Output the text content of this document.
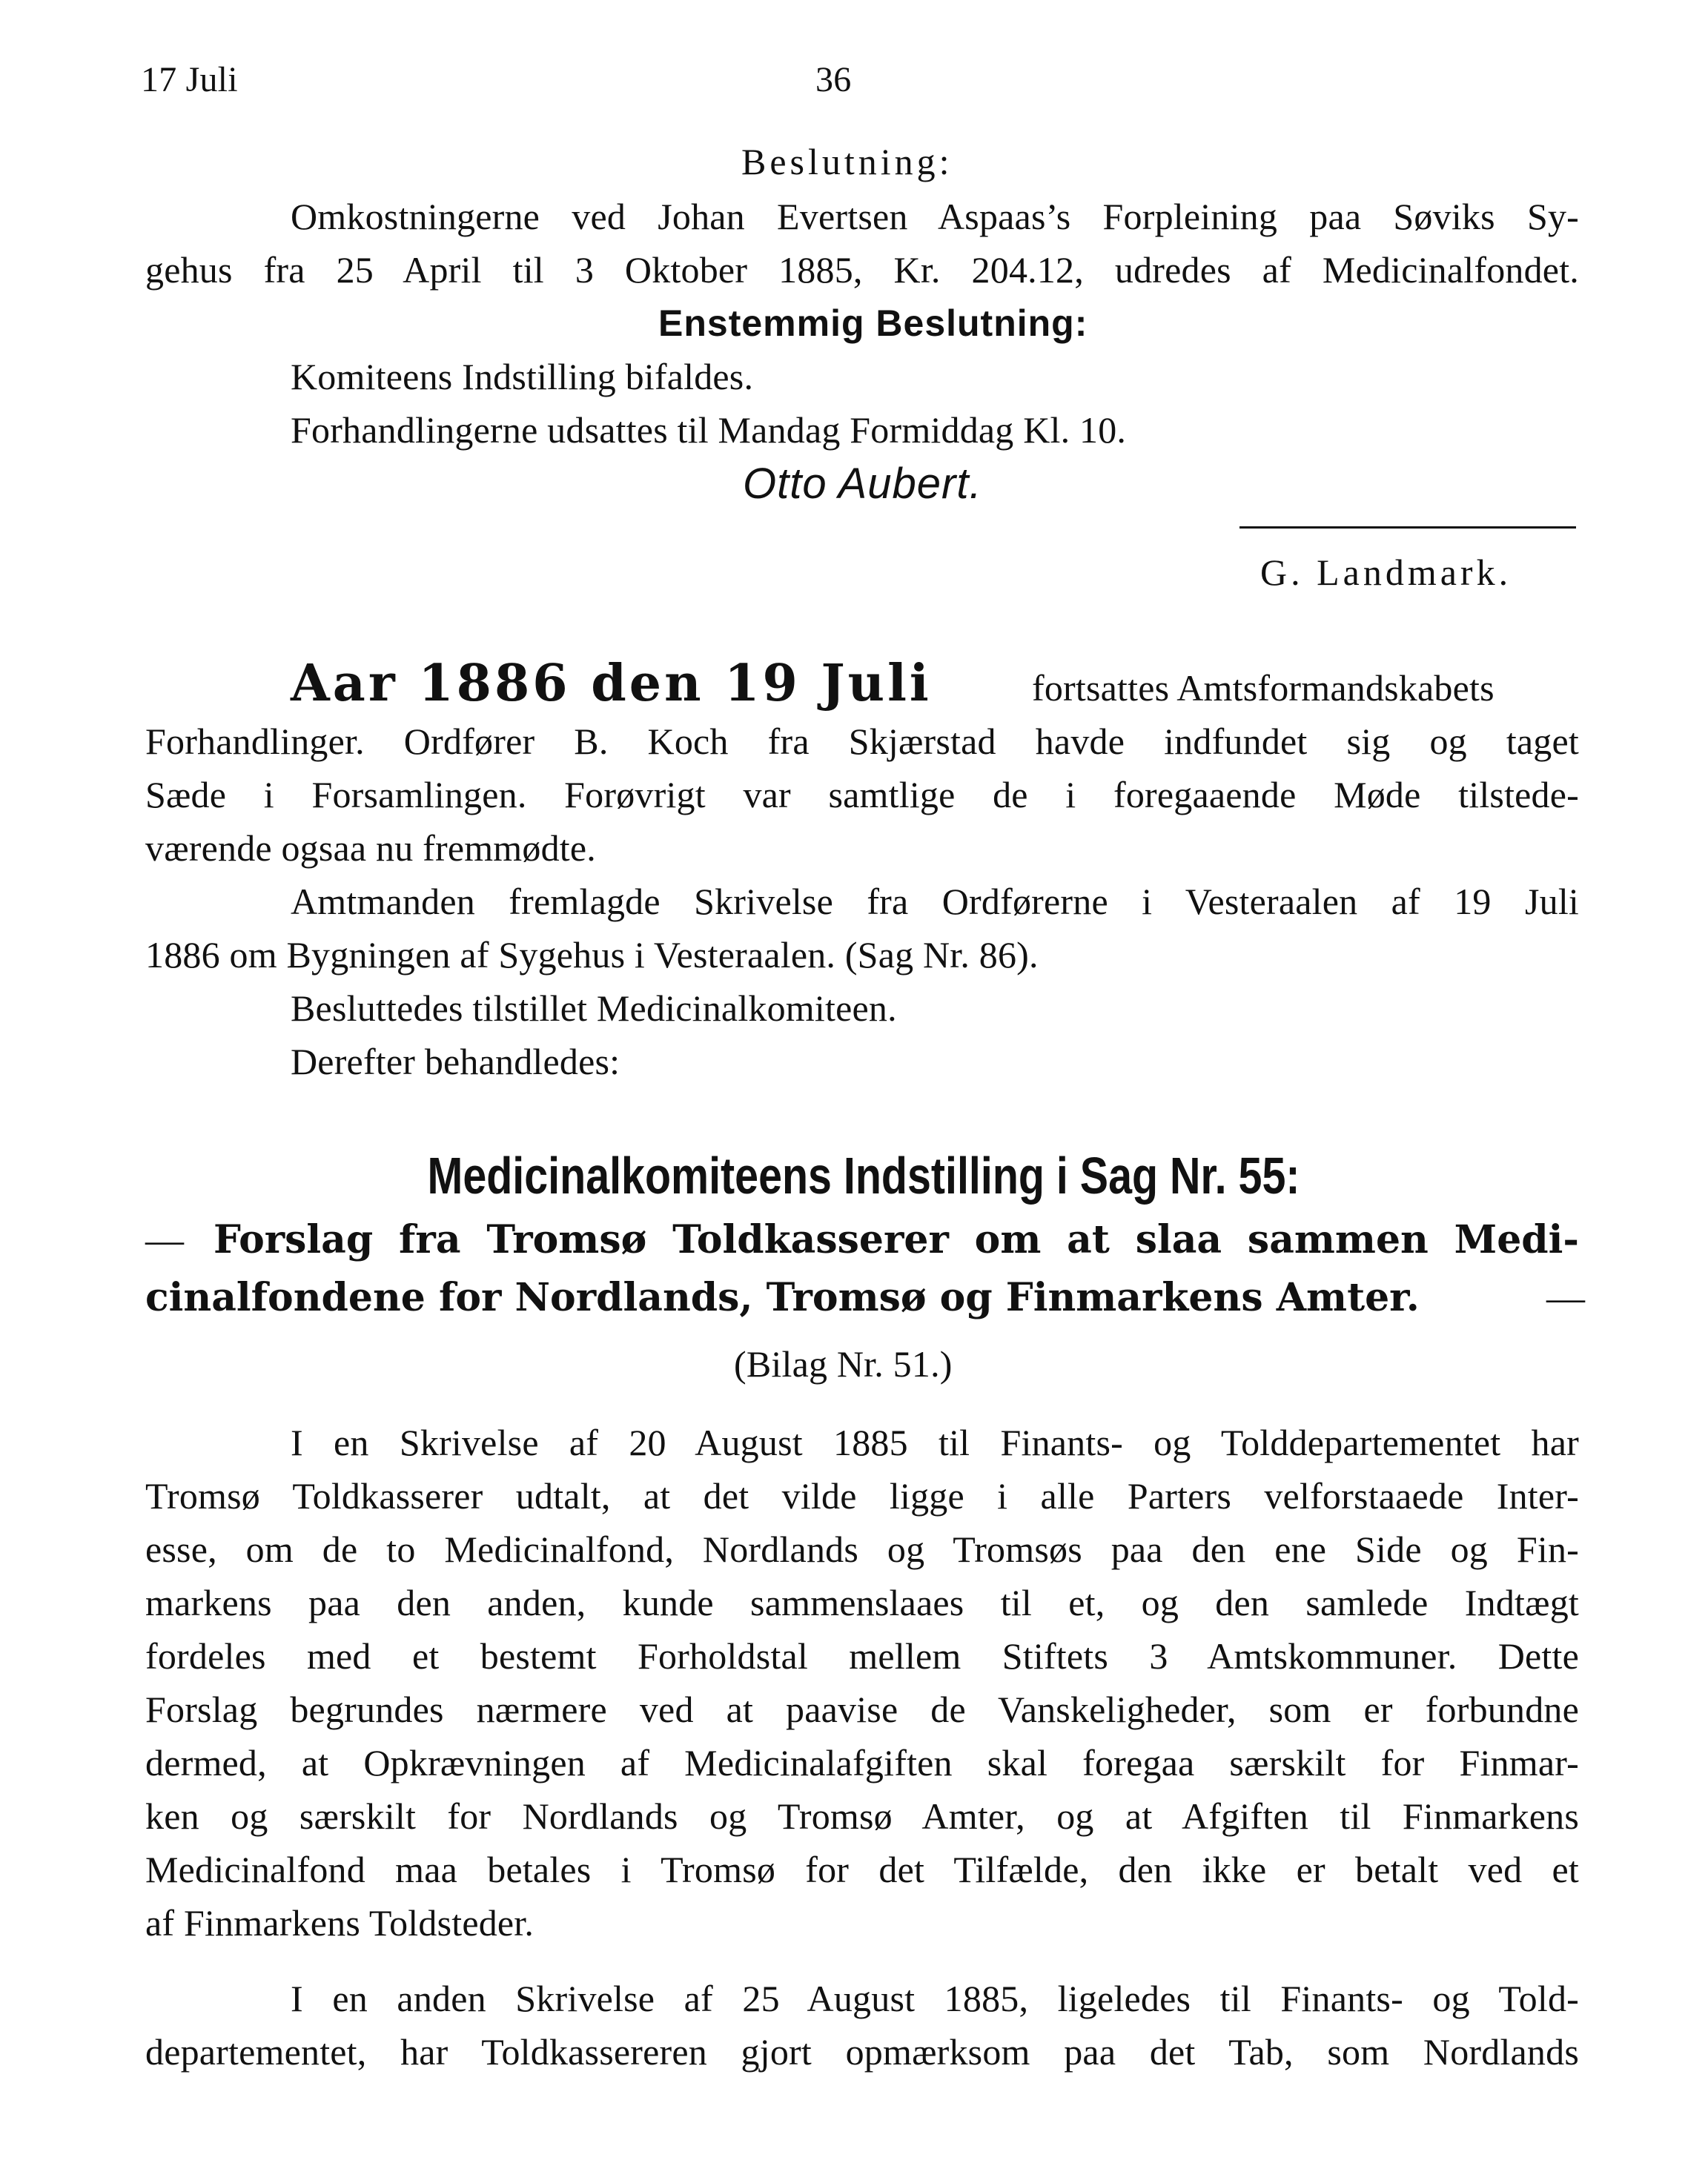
17 Juli	36
Beslutning:
Omkostningerne ved Johan Evertsen Aspaas’s Forpleining paa Søviks Sy-
gehus fra 25 April til 3 Oktober 1885, Kr. 204.12, udredes af Medicinalfondet.
Enstemmig Beslutning:
Komiteens Indstilling bifaldes.
Forhandlingerne udsattes til Mandag Formiddag Kl. 10.
Otto Aubert.
G. Landmark.
Aar 1886 den 19 Juli	fortsattes Amtsformandskabets
Forhandlinger. Ordfører B. Koch fra Skjærstad havde indfundet sig og taget
Sæde i Forsamlingen. Forøvrigt var samtlige de i foregaaende Møde tilstede-
værende ogsaa nu fremmødte.
Amtmanden fremlagde Skrivelse fra Ordførerne i Vesteraalen af 19 Juli
1886 om Bygningen af Sygehus i Vesteraalen. (Sag Nr. 86).
Besluttedes tilstillet Medicinalkomiteen.
Derefter behandledes:
Medicinalkomiteens Indstilling i Sag Nr. 55:
— Forslag fra Tromsø Toldkasserer om at slaa sammen Medi-
cinalfondene for Nordlands, Tromsø og Finmarkens Amter.	—
(Bilag Nr. 51.)
I en Skrivelse af 20 August 1885 til Finants- og Tolddepartementet har
Tromsø Toldkasserer udtalt, at det vilde ligge i alle Parters velforstaaede Inter-
esse, om de to Medicinalfond, Nordlands og Tromsøs paa den ene Side og Fin-
markens paa den anden, kunde sammenslaaes til et, og den samlede Indtægt
fordeles med et bestemt Forholdstal mellem Stiftets 3 Amtskommuner. Dette
Forslag begrundes nærmere ved at paavise de Vanskeligheder, som er forbundne
dermed, at Opkrævningen af Medicinalafgiften skal foregaa særskilt for Finmar-
ken og særskilt for Nordlands og Tromsø Amter, og at Afgiften til Finmarkens
Medicinalfond maa betales i Tromsø for det Tilfælde, den ikke er betalt ved et
af Finmarkens Toldsteder.
I en anden Skrivelse af 25 August 1885, ligeledes til Finants- og Told-
departementet, har Toldkassereren gjort opmærksom paa det Tab, som Nordlands
